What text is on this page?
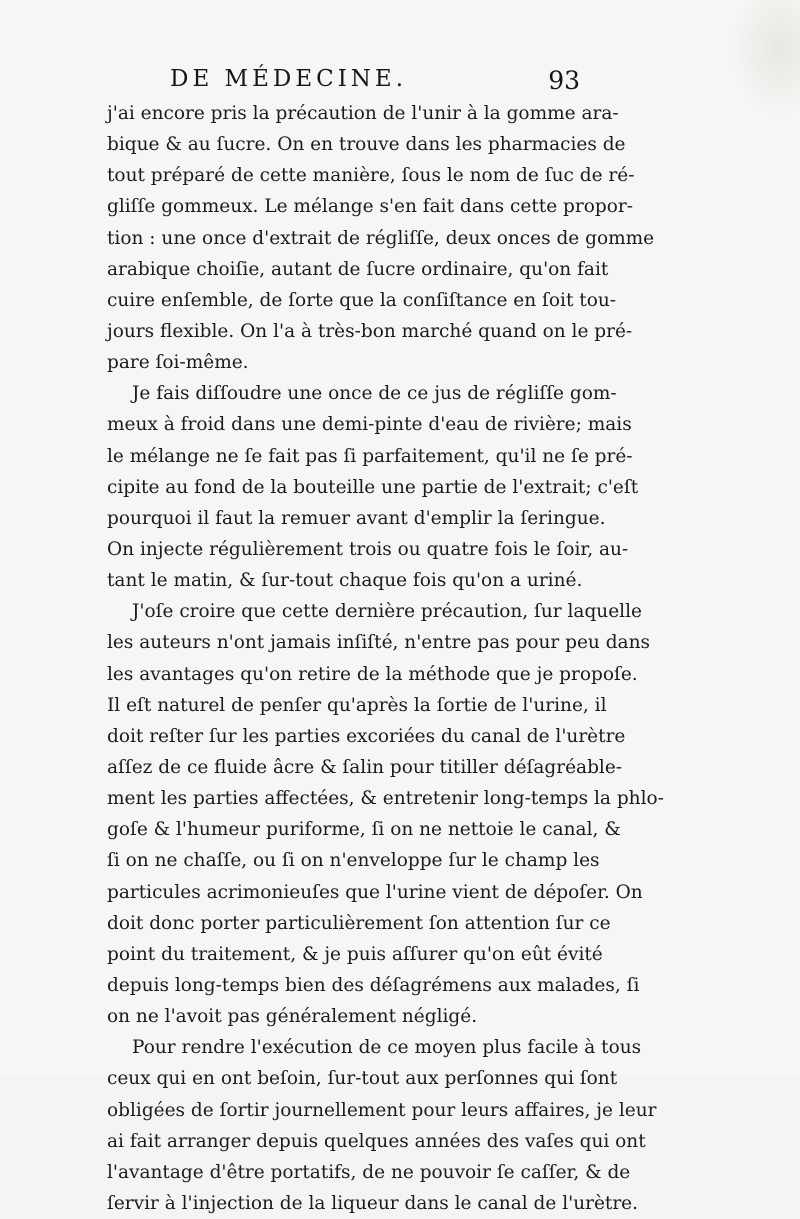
DE MÉDECINE.	93
j'ai encore pris la précaution de l'unir à la gomme ara-
bique & au ſucre. On en trouve dans les pharmacies de
tout préparé de cette manière, ſous le nom de ſuc de ré-
gliſſe gommeux. Le mélange s'en fait dans cette propor-
tion : une once d'extrait de régliſſe, deux onces de gomme
arabique choiſie, autant de ſucre ordinaire, qu'on fait
cuire enſemble, de ſorte que la conſiſtance en ſoit tou-
jours flexible. On l'a à très-bon marché quand on le pré-
pare ſoi-même.
Je fais diſſoudre une once de ce jus de régliſſe gom-
meux à froid dans une demi-pinte d'eau de rivière; mais
le mélange ne ſe fait pas ſi parfaitement, qu'il ne ſe pré-
cipite au fond de la bouteille une partie de l'extrait; c'eſt
pourquoi il faut la remuer avant d'emplir la ſeringue.
On injecte régulièrement trois ou quatre fois le ſoir, au-
tant le matin, & ſur-tout chaque fois qu'on a uriné.
J'oſe croire que cette dernière précaution, ſur laquelle
les auteurs n'ont jamais inſiſté, n'entre pas pour peu dans
les avantages qu'on retire de la méthode que je propoſe.
Il eſt naturel de penſer qu'après la ſortie de l'urine, il
doit reſter ſur les parties excoriées du canal de l'urètre
aſſez de ce fluide âcre & ſalin pour titiller déſagréable-
ment les parties affectées, & entretenir long-temps la phlo-
goſe & l'humeur puriforme, ſi on ne nettoie le canal, &
ſi on ne chaſſe, ou ſi on n'enveloppe ſur le champ les
particules acrimonieuſes que l'urine vient de dépoſer. On
doit donc porter particulièrement ſon attention ſur ce
point du traitement, & je puis aſſurer qu'on eût évité
depuis long-temps bien des déſagrémens aux malades, ſi
on ne l'avoit pas généralement négligé.
Pour rendre l'exécution de ce moyen plus facile à tous
ceux qui en ont beſoin, ſur-tout aux perſonnes qui ſont
obligées de ſortir journellement pour leurs affaires, je leur
ai fait arranger depuis quelques années des vaſes qui ont
l'avantage d'être portatifs, de ne pouvoir ſe caſſer, & de
ſervir à l'injection de la liqueur dans le canal de l'urètre.
